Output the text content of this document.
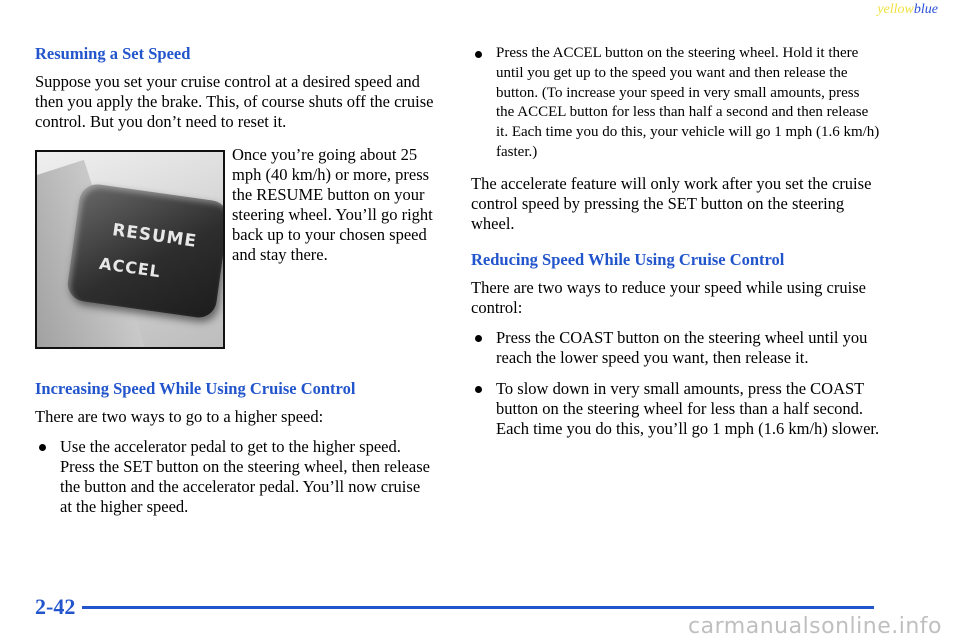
yellowblue
Resuming a Set Speed

Suppose you set your cruise control at a desired speed and then you apply the brake. This, of course shuts off the cruise control. But you don’t need to reset it.

RESUME
ACCEL
Once you’re going about 25 mph (40 km/h) or more, press the RESUME button on your steering wheel. You’ll go right back up to your chosen speed and stay there.
Increasing Speed While Using Cruise Control

There are two ways to go to a higher speed:

Use the accelerator pedal to get to the higher speed. Press the SET button on the steering wheel, then release the button and the accelerator pedal. You’ll now cruise at the higher speed.
Press the ACCEL button on the steering wheel. Hold it there until you get up to the speed you want and then release the button. (To increase your speed in very small amounts, press the ACCEL button for less than half a second and then release it. Each time you do this, your vehicle will go 1 mph (1.6 km/h) faster.)

The accelerate feature will only work after you set the cruise control speed by pressing the SET button on the steering wheel.

Reducing Speed While Using Cruise Control

There are two ways to reduce your speed while using cruise control:

Press the COAST button on the steering wheel until you reach the lower speed you want, then release it.
To slow down in very small amounts, press the COAST button on the steering wheel for less than a half second. Each time you do this, you’ll go 1 mph (1.6 km/h) slower.
2-42
carmanualsonline.info
